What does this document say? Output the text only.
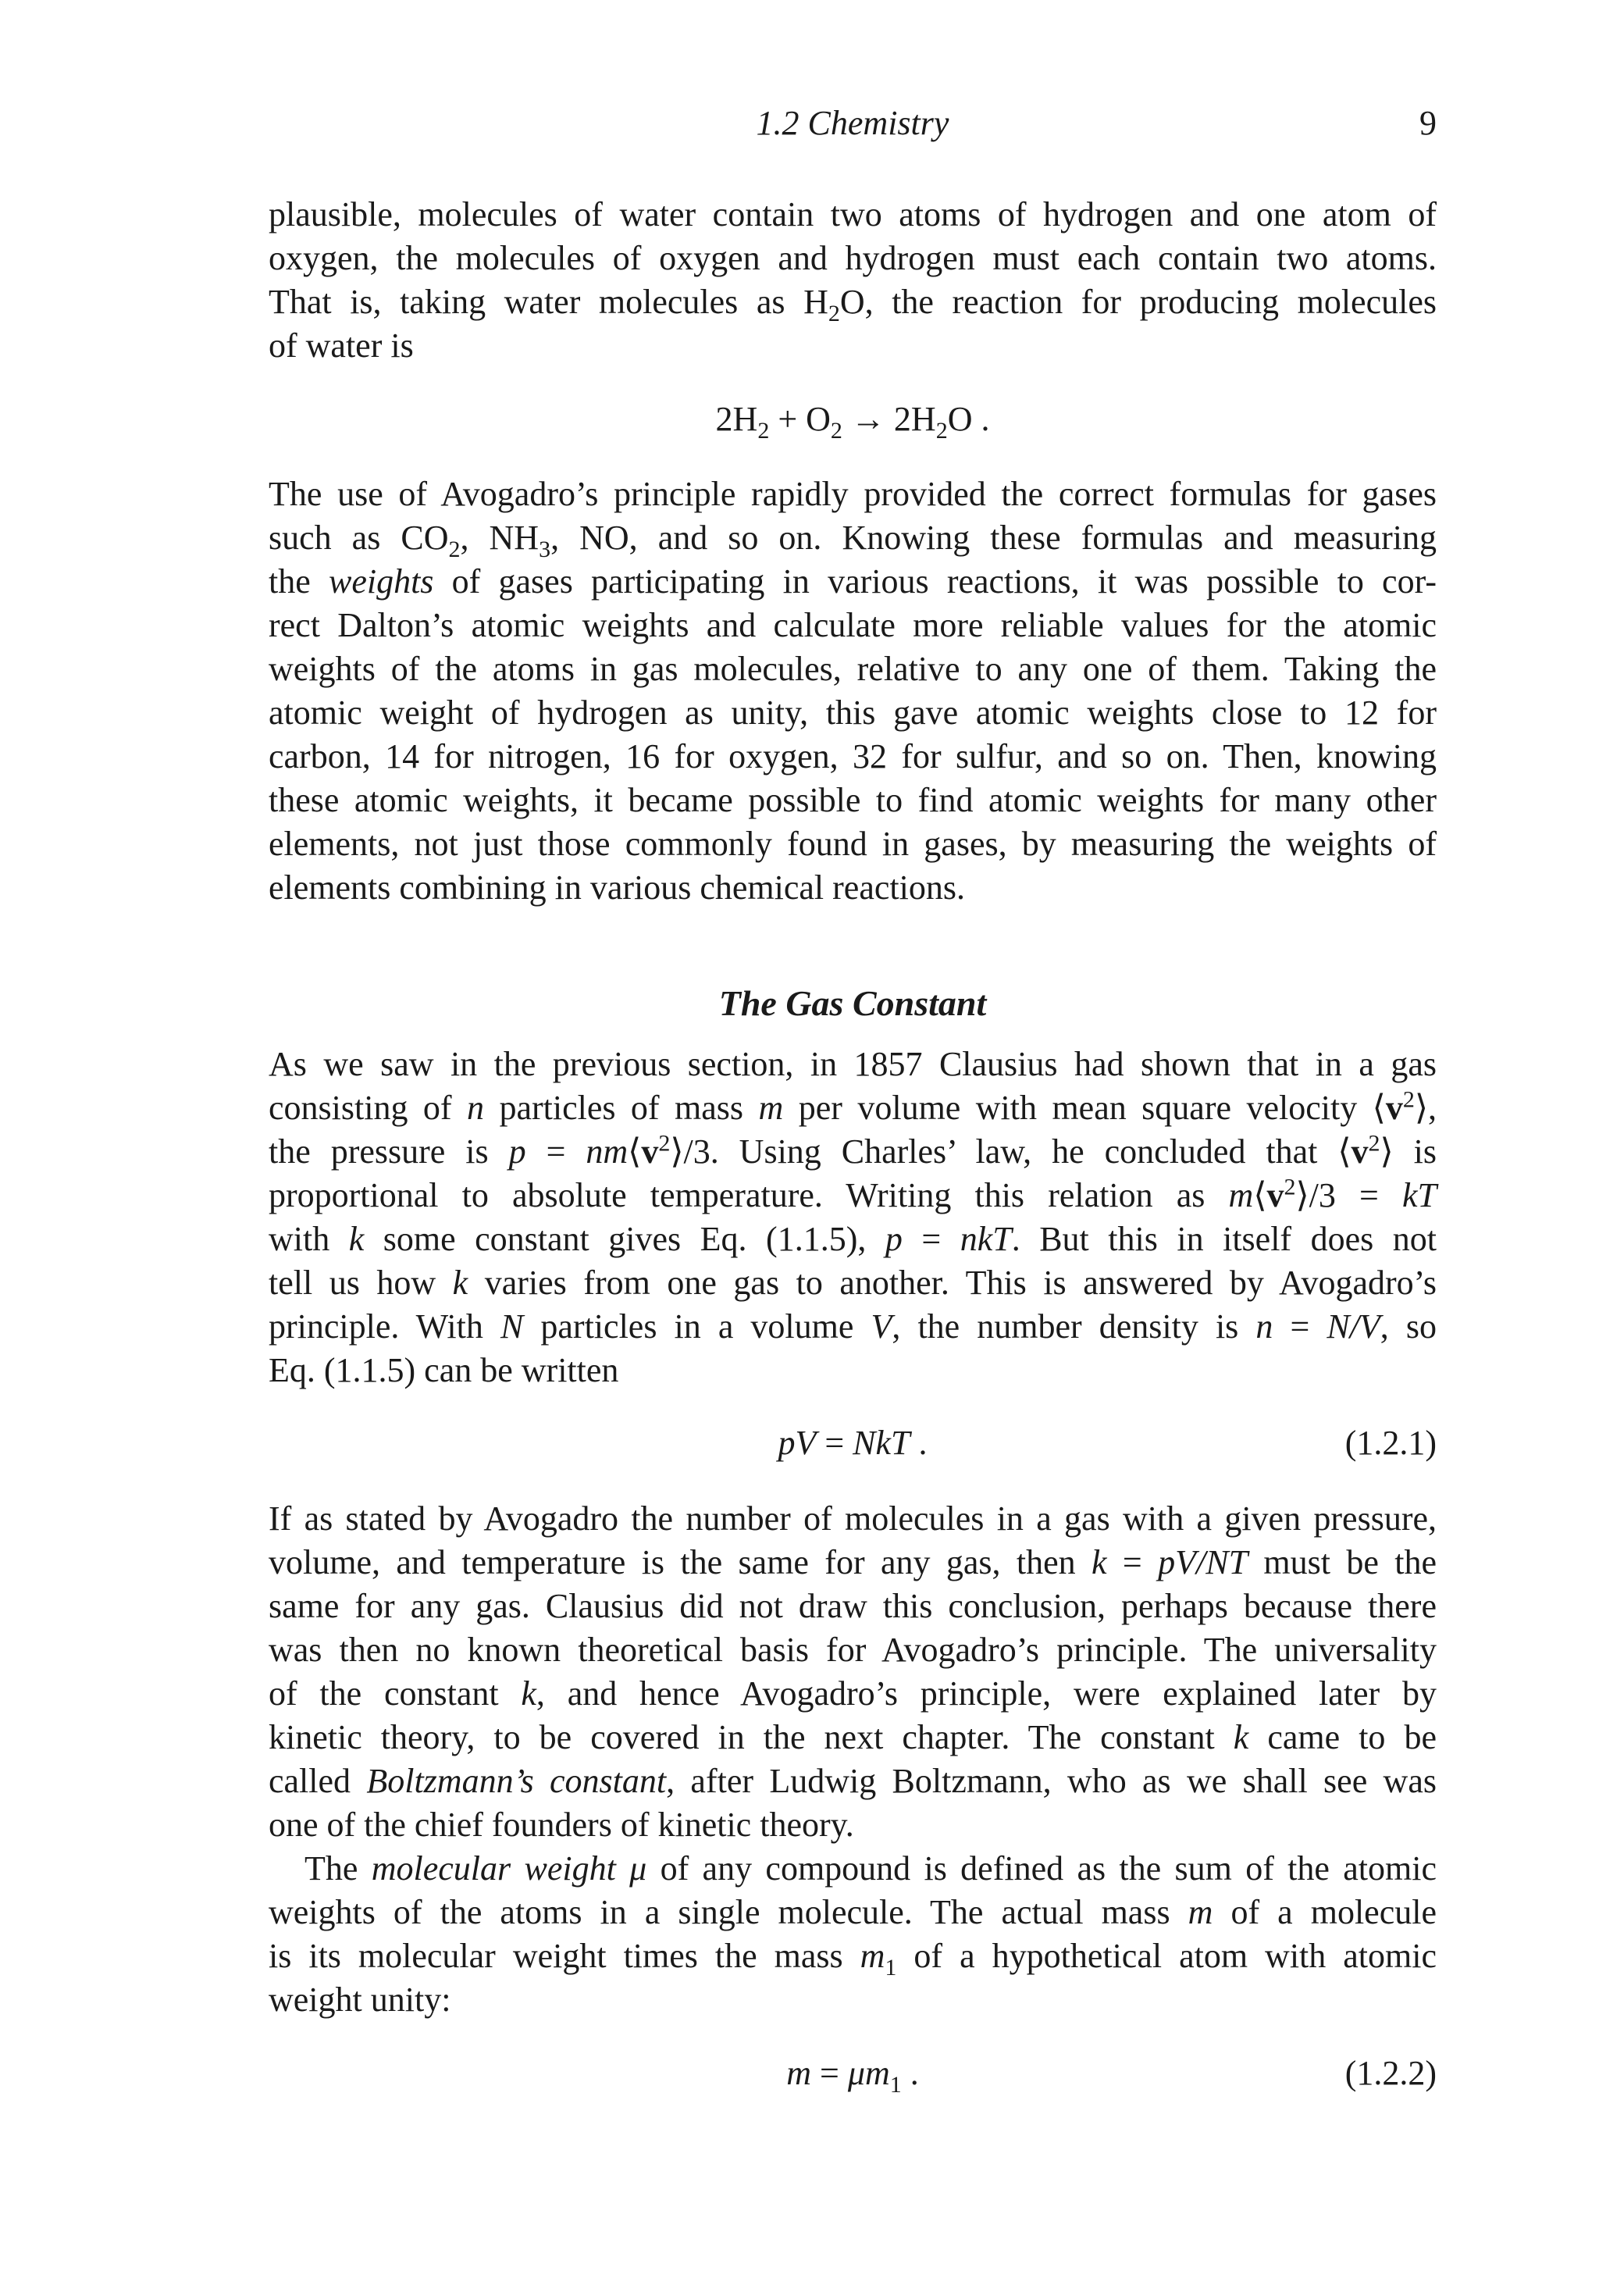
1.2 Chemistry	9

plausible, molecules of water contain two atoms of hydrogen and one atom of

oxygen, the molecules of oxygen and hydrogen must each contain two atoms.

That is, taking water molecules as $H_2O$, the reaction for producing molecules

of water is

$2H_2 + O_2 \to 2H_2O$ .

The use of Avogadro’s principle rapidly provided the correct formulas for gases

such as $CO_2$, $NH_3$, NO, and so on. Knowing these formulas and measuring

the weights of gases participating in various reactions, it was possible to cor-

rect Dalton’s atomic weights and calculate more reliable values for the atomic

weights of the atoms in gas molecules, relative to any one of them. Taking the

atomic weight of hydrogen as unity, this gave atomic weights close to 12 for

carbon, 14 for nitrogen, 16 for oxygen, 32 for sulfur, and so on. Then, knowing

these atomic weights, it became possible to find atomic weights for many other

elements, not just those commonly found in gases, by measuring the weights of

elements combining in various chemical reactions.

The Gas Constant

As we saw in the previous section, in 1857 Clausius had shown that in a gas

consisting of n particles of mass m per volume with mean square velocity $⟨v^2⟩$,

the pressure is $p = nm⟨v^2⟩/3$. Using Charles’ law, he concluded that $⟨v^2⟩$ is

proportional to absolute temperature. Writing this relation as $m⟨v^2⟩/3$ = kT

with k some constant gives Eq. (1.1.5), p = nkT. But this in itself does not

tell us how k varies from one gas to another. This is answered by Avogadro’s

principle. With N particles in a volume V, the number density is n = N/V, so

Eq. (1.1.5) can be written

pV = NkT .	(1.2.1)

If as stated by Avogadro the number of molecules in a gas with a given pressure,

volume, and temperature is the same for any gas, then k = pV/NT must be the

same for any gas. Clausius did not draw this conclusion, perhaps because there

was then no known theoretical basis for Avogadro’s principle. The universality

of the constant k, and hence Avogadro’s principle, were explained later by

kinetic theory, to be covered in the next chapter. The constant k came to be

called Boltzmann’s constant, after Ludwig Boltzmann, who as we shall see was

one of the chief founders of kinetic theory.

The molecular weight μ of any compound is defined as the sum of the atomic

weights of the atoms in a single molecule. The actual mass m of a molecule

is its molecular weight times the mass $m_1$ of a hypothetical atom with atomic

weight unity:

$m = \mu m_1$ .	(1.2.2)
